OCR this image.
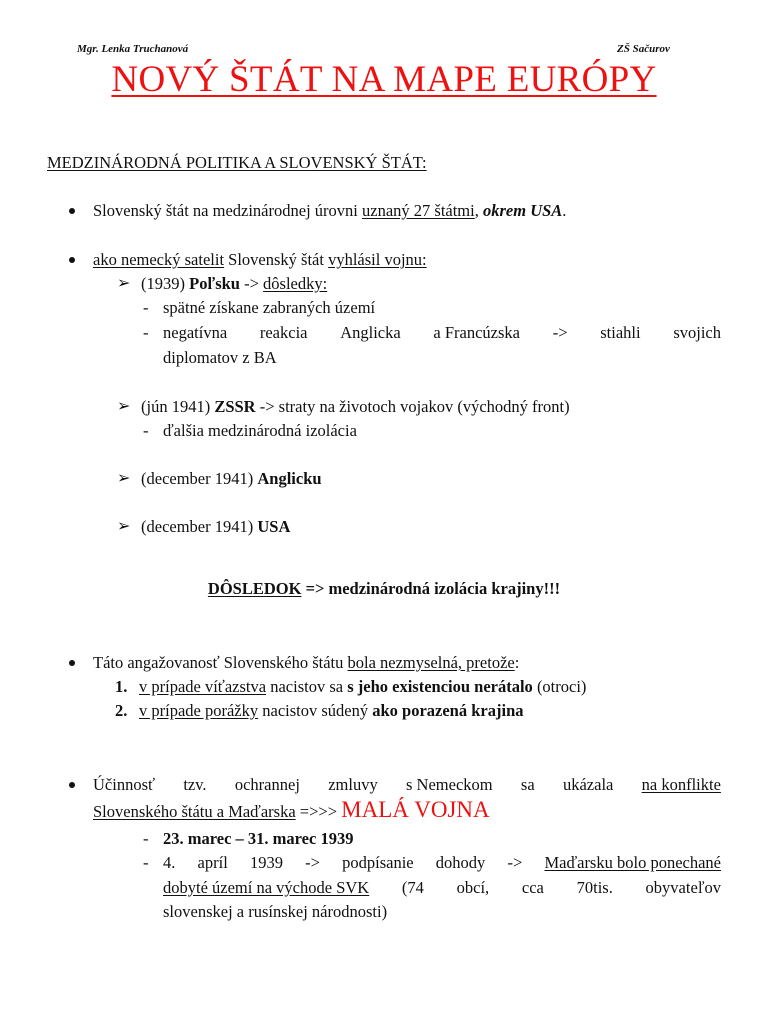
Mgr. Lenka Truchanová	ZŠ Sačurov
NOVÝ ŠTÁT NA MAPE EURÓPY
MEDZINÁRODNÁ POLITIKA A SLOVENSKÝ ŠTÁT:
Slovenský štát na medzinárodnej úrovni uznaný 27 štátmi, okrem USA.
ako nemecký satelit Slovenský štát vyhlásil vojnu:
➢ (1939) Poľsku -> dôsledky:
- spätné získane zabraných území
- negatívna reakcia Anglicka a Francúzska -> stiahli svojich
diplomatov z BA
➢ (jún 1941) ZSSR -> straty na životoch vojakov (východný front)
- ďalšia medzinárodná izolácia
➢ (december 1941) Anglicku
➢ (december 1941) USA
DÔSLEDOK => medzinárodná izolácia krajiny!!!
Táto angažovanosť Slovenského štátu bola nezmyselná, pretože:
1. v prípade víťazstva nacistov sa s jeho existenciou nerátalo (otroci)
2. v prípade porážky nacistov súdený ako porazená krajina
Účinnosť tzv. ochrannej zmluvy s Nemeckom sa ukázala na konflikte
Slovenského štátu a Maďarska =>>> MALÁ VOJNA
- 23. marec – 31. marec 1939
- 4. apríl 1939 -> podpísanie dohody -> Maďarsku bolo ponechané
dobyté území na východe SVK (74 obcí, cca 70tis. obyvateľov
slovenskej a rusínskej národnosti)
